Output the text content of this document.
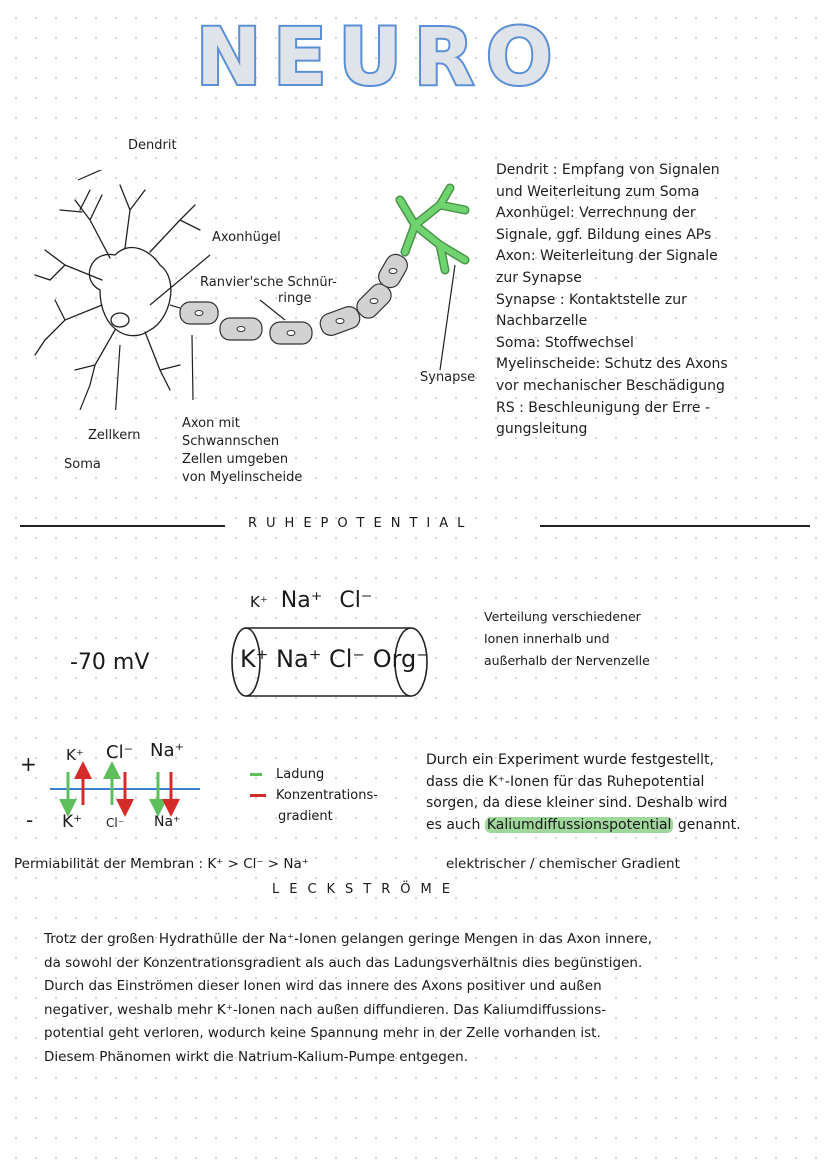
NEURO
Dendrit
Axonhügel
Ranvier'sche Schnür-
ringe
Zellkern
Soma
Axon mit
Schwannschen
Zellen umgeben
von Myelinscheide
Synapse
Dendrit : Empfang von Signalen
und Weiterleitung zum Soma
Axonhügel: Verrechnung der
Signale, ggf. Bildung eines APs
Axon: Weiterleitung der Signale
zur Synapse
Synapse : Kontaktstelle zur
Nachbarzelle
Soma: Stoffwechsel
Myelinscheide: Schutz des Axons
vor mechanischer Beschädigung
RS : Beschleunigung der Erre -
gungsleitung
RUHEPOTENTIAL
K⁺ Na⁺ Cl⁻
K⁺ Na⁺ Cl⁻ Org⁻
-70 mV
Verteilung verschiedener
Ionen innerhalb und
außerhalb der Nervenzelle
+
-
K⁺ Cl⁻ Na⁺
K⁺ Cl⁻ Na⁺
Ladung
Konzentrations-
gradient
Durch ein Experiment wurde festgestellt,
dass die K⁺-Ionen für das Ruhepotential
sorgen, da diese kleiner sind. Deshalb wird
es auch Kaliumdiffussionspotential genannt.
Permiabilität der Membran : K⁺ > Cl⁻ > Na⁺	elektrischer / chemischer Gradient
LECKSTRÖME
Trotz der großen Hydrathülle der Na⁺-Ionen gelangen geringe Mengen in das Axon innere,
da sowohl der Konzentrationsgradient als auch das Ladungsverhältnis dies begünstigen.
Durch das Einströmen dieser Ionen wird das innere des Axons positiver und außen
negativer, weshalb mehr K⁺-Ionen nach außen diffundieren. Das Kaliumdiffussions-
potential geht verloren, wodurch keine Spannung mehr in der Zelle vorhanden ist.
Diesem Phänomen wirkt die Natrium-Kalium-Pumpe entgegen.
